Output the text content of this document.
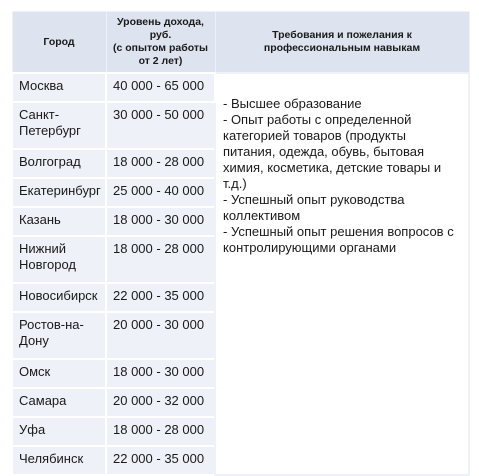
Город	Уровень дохода,
руб.
(с опытом работы
от 2 лет)	Требования и пожелания к
профессиональным навыкам
Москва	40 000 - 65 000	- Высшее образование
- Опыт работы с определенной категорией товаров (продукты питания, одежда, обувь, бытовая химия, косметика, детские товары и т.д.)
- Успешный опыт руководства коллективом
- Успешный опыт решения вопросов с контролирующими органами

Санкт-Петербург	30 000 - 50 000	
Волгоград	18 000 - 28 000	
Екатеринбург	25 000 - 40 000	
Казань	18 000 - 30 000	
Нижний Новгород	18 000 - 28 000	
Новосибирск	22 000 - 35 000	
Ростов-на-Дону	20 000 - 30 000	
Омск	18 000 - 30 000	
Самара	20 000 - 32 000	
Уфа	18 000 - 28 000	
Челябинск	22 000 - 35 000	
